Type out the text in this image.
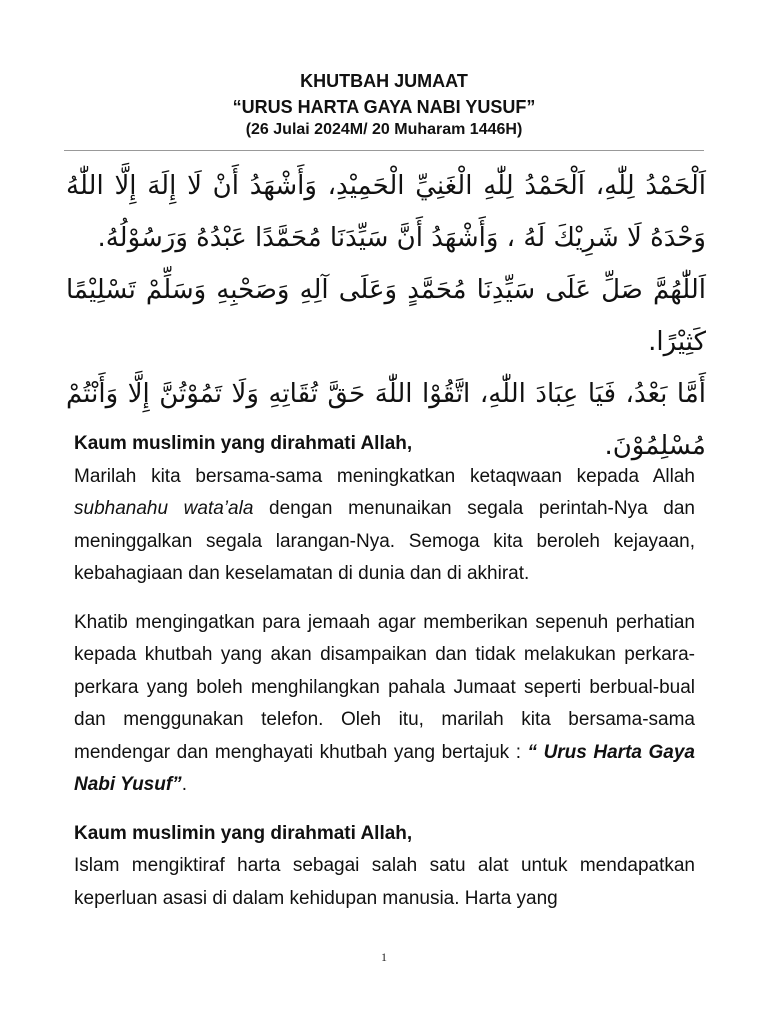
KHUTBAH JUMAAT

“URUS HARTA GAYA NABI YUSUF”

(26 Julai 2024M/ 20 Muharam 1446H)

اَلْحَمْدُ لِلّٰهِ، اَلْحَمْدُ لِلّٰهِ الْغَنِيِّ الْحَمِيْدِ، وَأَشْهَدُ أَنْ لَا إِلَهَ إِلَّا اللّٰهُ وَحْدَهُ لَا شَرِيْكَ لَهُ ، وَأَشْهَدُ أَنَّ سَيِّدَنَا مُحَمَّدًا عَبْدُهُ وَرَسُوْلُهُ.

اَللّٰهُمَّ صَلِّ عَلَى سَيِّدِنَا مُحَمَّدٍ وَعَلَى آلِهِ وَصَحْبِهِ وَسَلِّمْ تَسْلِيْمًا كَثِيْرًا.

أَمَّا بَعْدُ، فَيَا عِبَادَ اللّٰهِ، اتَّقُوْا اللّٰهَ حَقَّ تُقَاتِهِ وَلَا تَمُوْتُنَّ إِلَّا وَأَنْتُمْ مُسْلِمُوْنَ.

Kaum muslimin yang dirahmati Allah,

Marilah kita bersama-sama meningkatkan ketaqwaan kepada Allah subhanahu wata’ala dengan menunaikan segala perintah-Nya dan meninggalkan segala larangan-Nya. Semoga kita beroleh kejayaan, kebahagiaan dan keselamatan di dunia dan di akhirat.

Khatib mengingatkan para jemaah agar memberikan sepenuh perhatian kepada khutbah yang akan disampaikan dan tidak melakukan perkara-perkara yang boleh menghilangkan pahala Jumaat seperti berbual-bual dan menggunakan telefon. Oleh itu, marilah kita bersama-sama mendengar dan menghayati khutbah yang bertajuk : “ Urus Harta Gaya Nabi Yusuf”.

Kaum muslimin yang dirahmati Allah,

Islam mengiktiraf harta sebagai salah satu alat untuk mendapatkan keperluan asasi di dalam kehidupan manusia. Harta yang

1
